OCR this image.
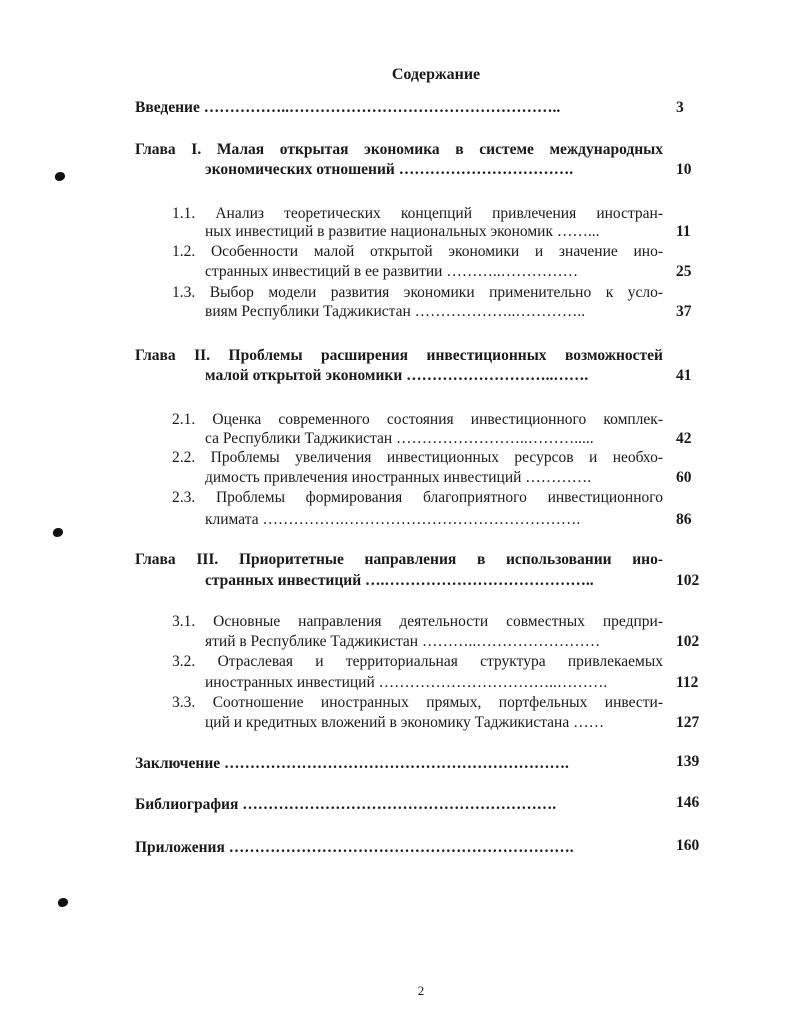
Содержание
Введение ……………..……………………………………………..	3
Глава I. Малая открытая экономика в системе международных
экономических отношений …………………………….	10
1.1. Анализ теоретических концепций привлечения иностран-
ных инвестиций в развитие национальных экономик ……...	11
1.2. Особенности малой открытой экономики и значение ино-
странных инвестиций в ее развитии ………..……………	25
1.3. Выбор модели развития экономики применительно к усло-
виям Республики Таджикистан ………………..…………..	37
Глава II. Проблемы расширения инвестиционных возможностей
малой открытой экономики ………………………..…….	41
2.1. Оценка современного состояния инвестиционного комплек-
са Республики Таджикистан ……………………..……….....	42
2.2. Проблемы увеличения инвестиционных ресурсов и необхо-
димость привлечения иностранных инвестиций ………….	60
2.3. Проблемы формирования благоприятного инвестиционного
климата …………….……………………………………….	86
Глава III. Приоритетные направления в использовании ино-
странных инвестиций ….…………………………………..	102
3.1. Основные направления деятельности совместных предпри-
ятий в Республике Таджикистан ………..……………………	102
3.2. Отраслевая и территориальная структура привлекаемых
иностранных инвестиций ……………………………..……….	112
3.3. Соотношение иностранных прямых, портфельных инвести-
ций и кредитных вложений в экономику Таджикистана ……	127
Заключение ………………………………………………………….	139
Библиография …………………………………………………….	146
Приложения ………………………………………………………….	160
2
